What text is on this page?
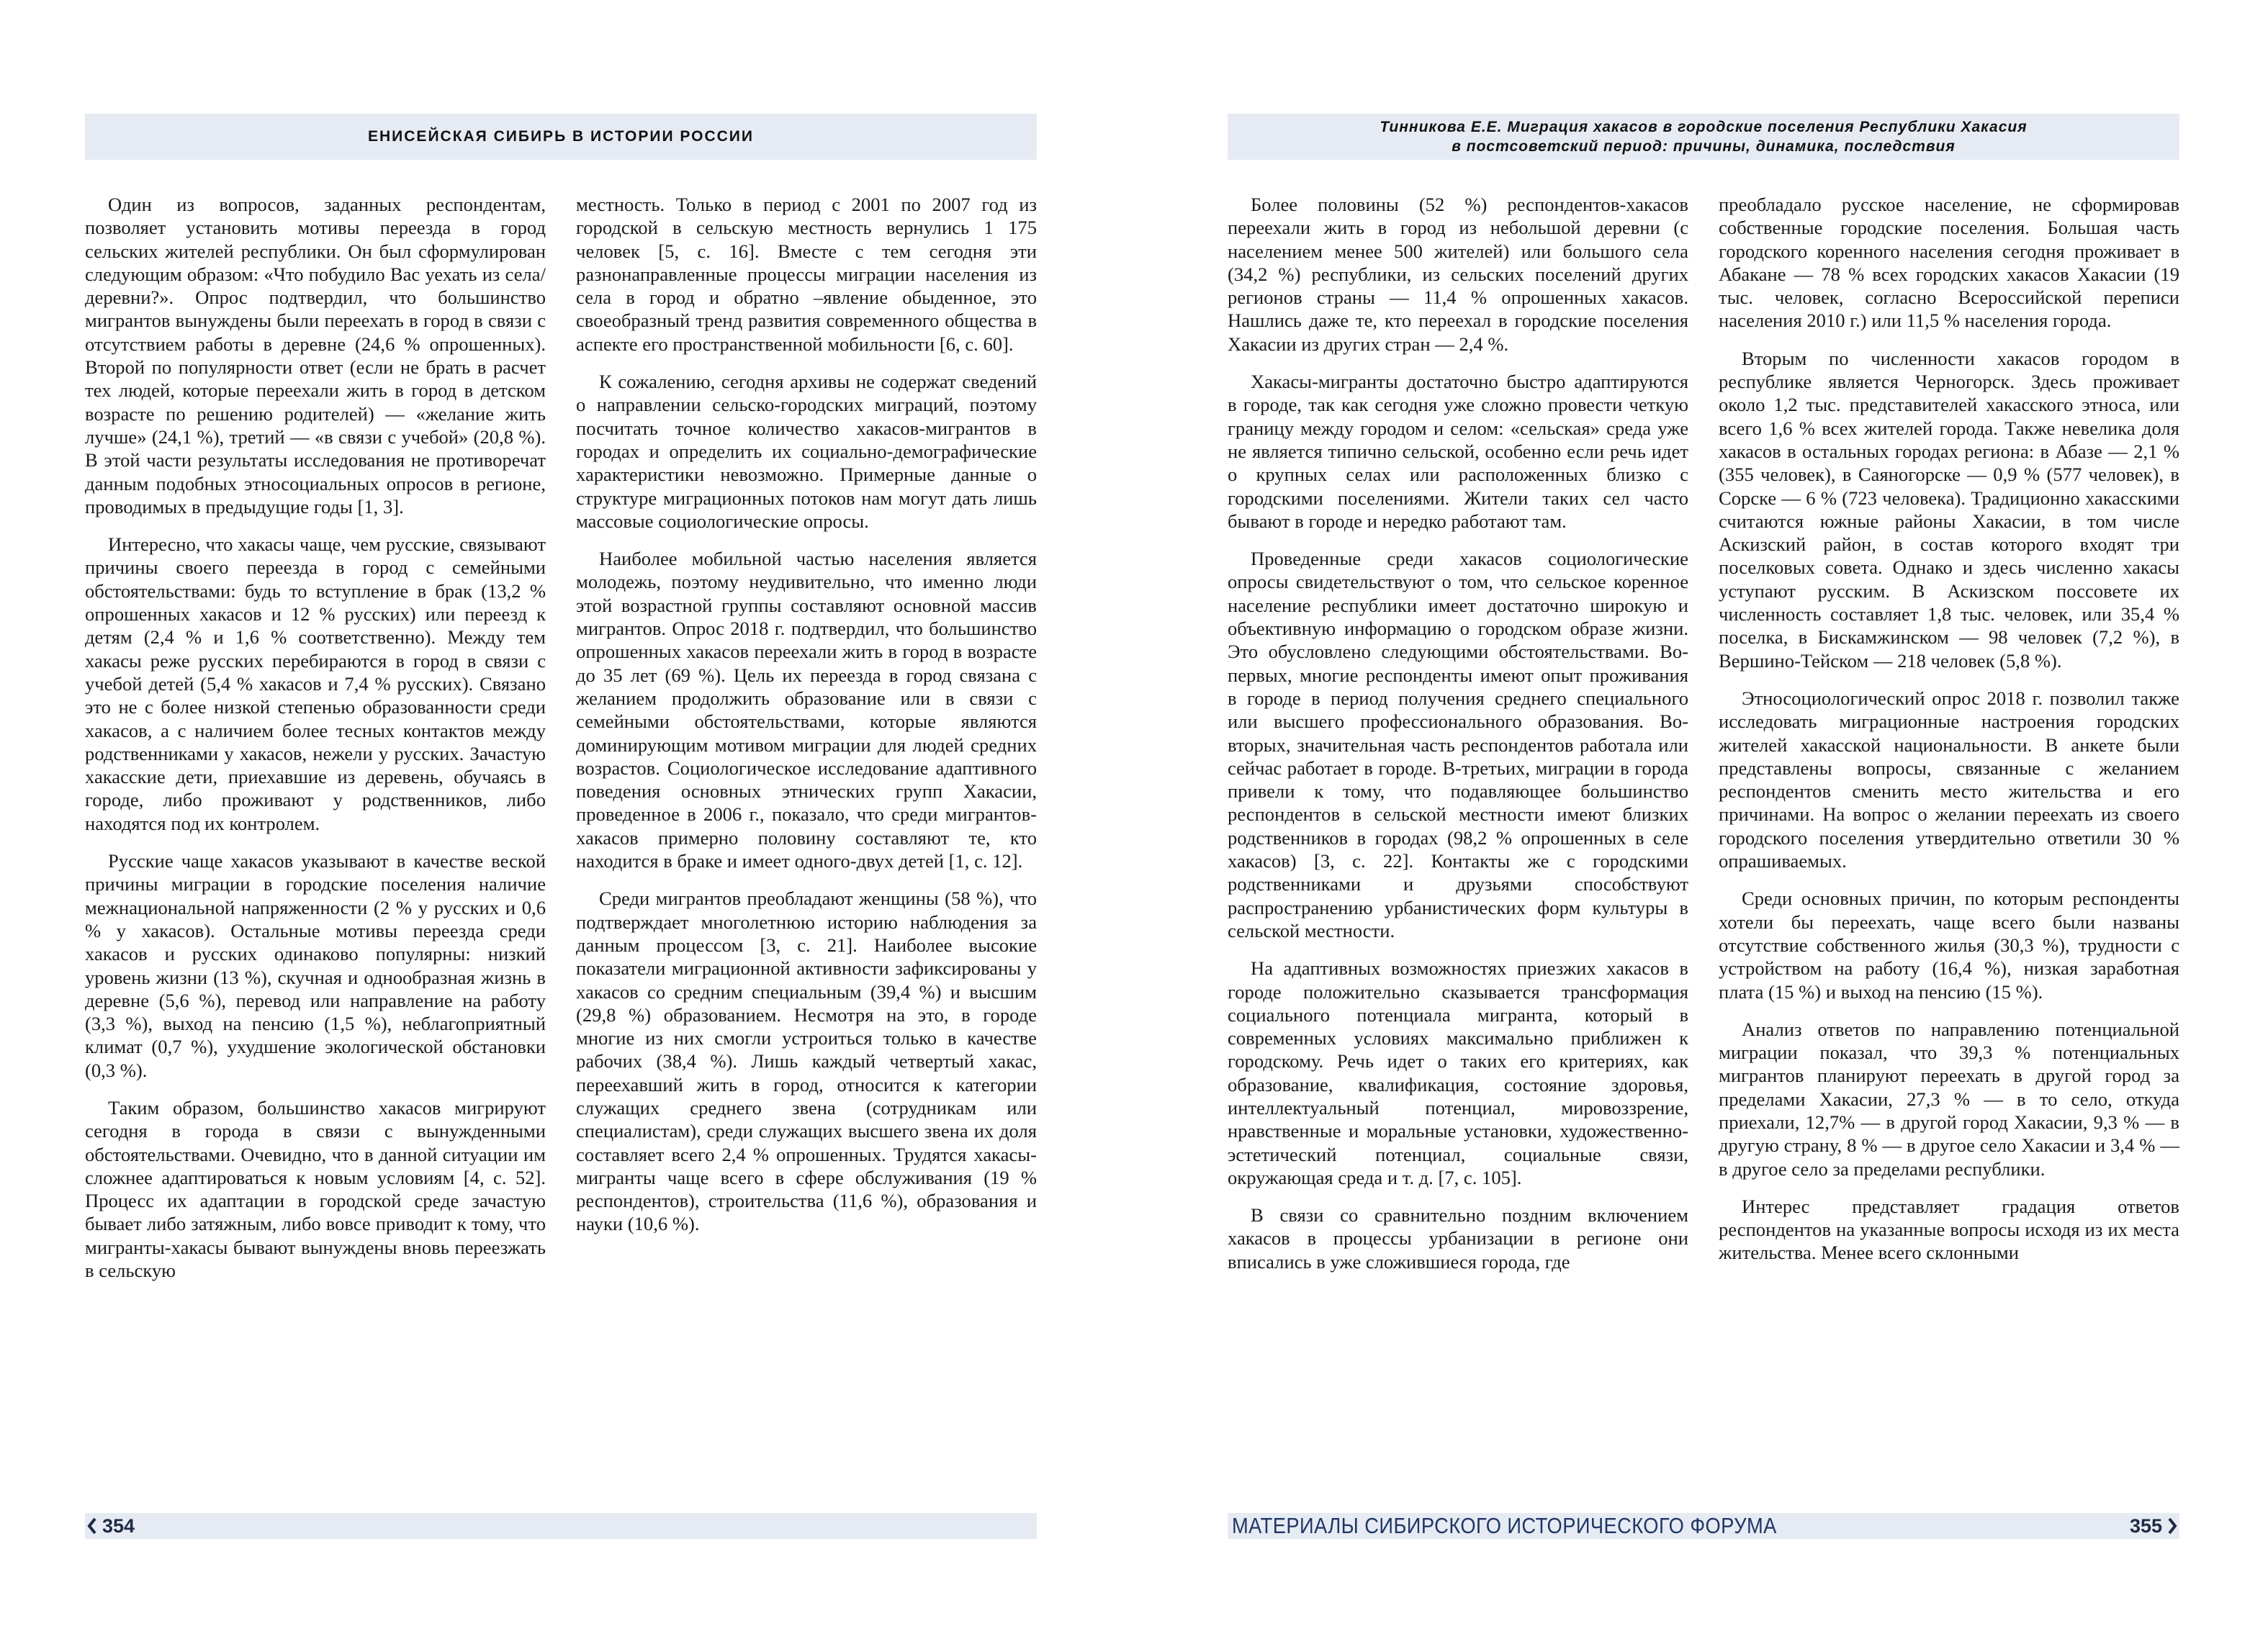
ЕНИСЕЙСКАЯ СИБИРЬ В ИСТОРИИ РОССИИ

Один из вопросов, заданных респондентам, позволяет установить мотивы переезда в город сельских жителей республики. Он был сформулирован следующим образом: «Что побудило Вас уехать из села/деревни?». Опрос подтвердил, что большинство мигрантов вынуждены были переехать в город в связи с отсутствием работы в деревне (24,6 % опрошенных). Второй по популярности ответ (если не брать в расчет тех людей, которые переехали жить в город в детском возрасте по решению родителей) — «желание жить лучше» (24,1 %), третий — «в связи с учебой» (20,8 %). В этой части результаты исследования не противоречат данным подобных этносоциальных опросов в регионе, проводимых в предыдущие годы [1, 3].

Интересно, что хакасы чаще, чем русские, связывают причины своего переезда в город с семейными обстоятельствами: будь то вступление в брак (13,2 % опрошенных хакасов и 12 % русских) или переезд к детям (2,4 % и 1,6 % соответственно). Между тем хакасы реже русских перебираются в город в связи с учебой детей (5,4 % хакасов и 7,4 % русских). Связано это не с более низкой степенью образованности среди хакасов, а с наличием более тесных контактов между родственниками у хакасов, нежели у русских. Зачастую хакасские дети, приехавшие из деревень, обучаясь в городе, либо проживают у родственников, либо находятся под их контролем.

Русские чаще хакасов указывают в качестве веской причины миграции в городские поселения наличие межнациональной напряженности (2 % у русских и 0,6 % у хакасов). Остальные мотивы переезда среди хакасов и русских одинаково популярны: низкий уровень жизни (13 %), скучная и однообразная жизнь в деревне (5,6 %), перевод или направление на работу (3,3 %), выход на пенсию (1,5 %), неблагоприятный климат (0,7 %), ухудшение экологической обстановки (0,3 %).

Таким образом, большинство хакасов мигрируют сегодня в города в связи с вынужденными обстоятельствами. Очевидно, что в данной ситуации им сложнее адаптироваться к новым условиям [4, с. 52]. Процесс их адаптации в городской среде зачастую бывает либо затяжным, либо вовсе приводит к тому, что мигранты-хакасы бывают вынуждены вновь переезжать в сельскую

местность. Только в период с 2001 по 2007 год из городской в сельскую местность вернулись 1 175 человек [5, с. 16]. Вместе с тем сегодня эти разнонаправленные процессы миграции населения из села в город и обратно –явление обыденное, это своеобразный тренд развития современного общества в аспекте его пространственной мобильности [6, с. 60].

К сожалению, сегодня архивы не содержат сведений о направлении сельско-городских миграций, поэтому посчитать точное количество хакасов-мигрантов в городах и определить их социально-демографические характеристики невозможно. Примерные данные о структуре миграционных потоков нам могут дать лишь массовые социологические опросы.

Наиболее мобильной частью населения является молодежь, поэтому неудивительно, что именно люди этой возрастной группы составляют основной массив мигрантов. Опрос 2018 г. подтвердил, что большинство опрошенных хакасов переехали жить в город в возрасте до 35 лет (69 %). Цель их переезда в город связана с желанием продолжить образование или в связи с семейными обстоятельствами, которые являются доминирующим мотивом миграции для людей средних возрастов. Социологическое исследование адаптивного поведения основных этнических групп Хакасии, проведенное в 2006 г., показало, что среди мигрантов-хакасов примерно половину составляют те, кто находится в браке и имеет одного-двух детей [1, с. 12].

Среди мигрантов преобладают женщины (58 %), что подтверждает многолетнюю историю наблюдения за данным процессом [3, с. 21]. Наиболее высокие показатели миграционной активности зафиксированы у хакасов со средним специальным (39,4 %) и высшим (29,8 %) образованием. Несмотря на это, в городе многие из них смогли устроиться только в качестве рабочих (38,4 %). Лишь каждый четвертый хакас, переехавший жить в город, относится к категории служащих среднего звена (сотрудникам или специалистам), среди служащих высшего звена их доля составляет всего 2,4 % опрошенных. Трудятся хакасы-мигранты чаще всего в сфере обслуживания (19 % респондентов), строительства (11,6 %), образования и науки (10,6 %).

354
Тинникова Е.Е. Миграция хакасов в городские поселения Республики Хакасия
в постсоветский период: причины, динамика, последствия

Более половины (52 %) респондентов-хакасов переехали жить в город из небольшой деревни (с населением менее 500 жителей) или большого села (34,2 %) республики, из сельских поселений других регионов страны — 11,4 % опрошенных хакасов. Нашлись даже те, кто переехал в городские поселения Хакасии из других стран — 2,4 %.

Хакасы-мигранты достаточно быстро адаптируются в городе, так как сегодня уже сложно провести четкую границу между городом и селом: «сельская» среда уже не является типично сельской, особенно если речь идет о крупных селах или расположенных близко с городскими поселениями. Жители таких сел часто бывают в городе и нередко работают там.

Проведенные среди хакасов социологические опросы свидетельствуют о том, что сельское коренное население республики имеет достаточно широкую и объективную информацию о городском образе жизни. Это обусловлено следующими обстоятельствами. Во-первых, многие респонденты имеют опыт проживания в городе в период получения среднего специального или высшего профессионального образования. Во-вторых, значительная часть респондентов работала или сейчас работает в городе. В-третьих, миграции в города привели к тому, что подавляющее большинство респондентов в сельской местности имеют близких родственников в городах (98,2 % опрошенных в селе хакасов) [3, с. 22]. Контакты же с городскими родственниками и друзьями способствуют распространению урбанистических форм культуры в сельской местности.

На адаптивных возможностях приезжих хакасов в городе положительно сказывается трансформация социального потенциала мигранта, который в современных условиях максимально приближен к городскому. Речь идет о таких его критериях, как образование, квалификация, состояние здоровья, интеллектуальный потенциал, мировоззрение, нравственные и моральные установки, художественно-эстетический потенциал, социальные связи, окружающая среда и т. д. [7, с. 105].

В связи со сравнительно поздним включением хакасов в процессы урбанизации в регионе они вписались в уже сложившиеся города, где

преобладало русское население, не сформировав собственные городские поселения. Большая часть городского коренного населения сегодня проживает в Абакане — 78 % всех городских хакасов Хакасии (19 тыс. человек, согласно Всероссийской переписи населения 2010 г.) или 11,5 % населения города.

Вторым по численности хакасов городом в республике является Черногорск. Здесь проживает около 1,2 тыс. представителей хакасского этноса, или всего 1,6 % всех жителей города. Также невелика доля хакасов в остальных городах региона: в Абазе — 2,1 % (355 человек), в Саяногорске — 0,9 % (577 человек), в Сорске — 6 % (723 человека). Традиционно хакасскими считаются южные районы Хакасии, в том числе Аскизский район, в состав которого входят три поселковых совета. Однако и здесь численно хакасы уступают русским. В Аскизском поссовете их численность составляет 1,8 тыс. человек, или 35,4 % поселка, в Бискамжинском — 98 человек (7,2 %), в Вершино-Тейском — 218 человек (5,8 %).

Этносоциологический опрос 2018 г. позволил также исследовать миграционные настроения городских жителей хакасской национальности. В анкете были представлены вопросы, связанные с желанием респондентов сменить место жительства и его причинами. На вопрос о желании переехать из своего городского поселения утвердительно ответили 30 % опрашиваемых.

Среди основных причин, по которым респонденты хотели бы переехать, чаще всего были названы отсутствие собственного жилья (30,3 %), трудности с устройством на работу (16,4 %), низкая заработная плата (15 %) и выход на пенсию (15 %).

Анализ ответов по направлению потенциальной миграции показал, что 39,3 % потенциальных мигрантов планируют переехать в другой город за пределами Хакасии, 27,3 % — в то село, откуда приехали, 12,7% — в другой город Хакасии, 9,3 % — в другую страну, 8 % — в другое село Хакасии и 3,4 % — в другое село за пределами республики.

Интерес представляет градация ответов респондентов на указанные вопросы исходя из их места жительства. Менее всего склонными

МАТЕРИАЛЫ СИБИРСКОГО ИСТОРИЧЕСКОГО ФОРУМА	355
